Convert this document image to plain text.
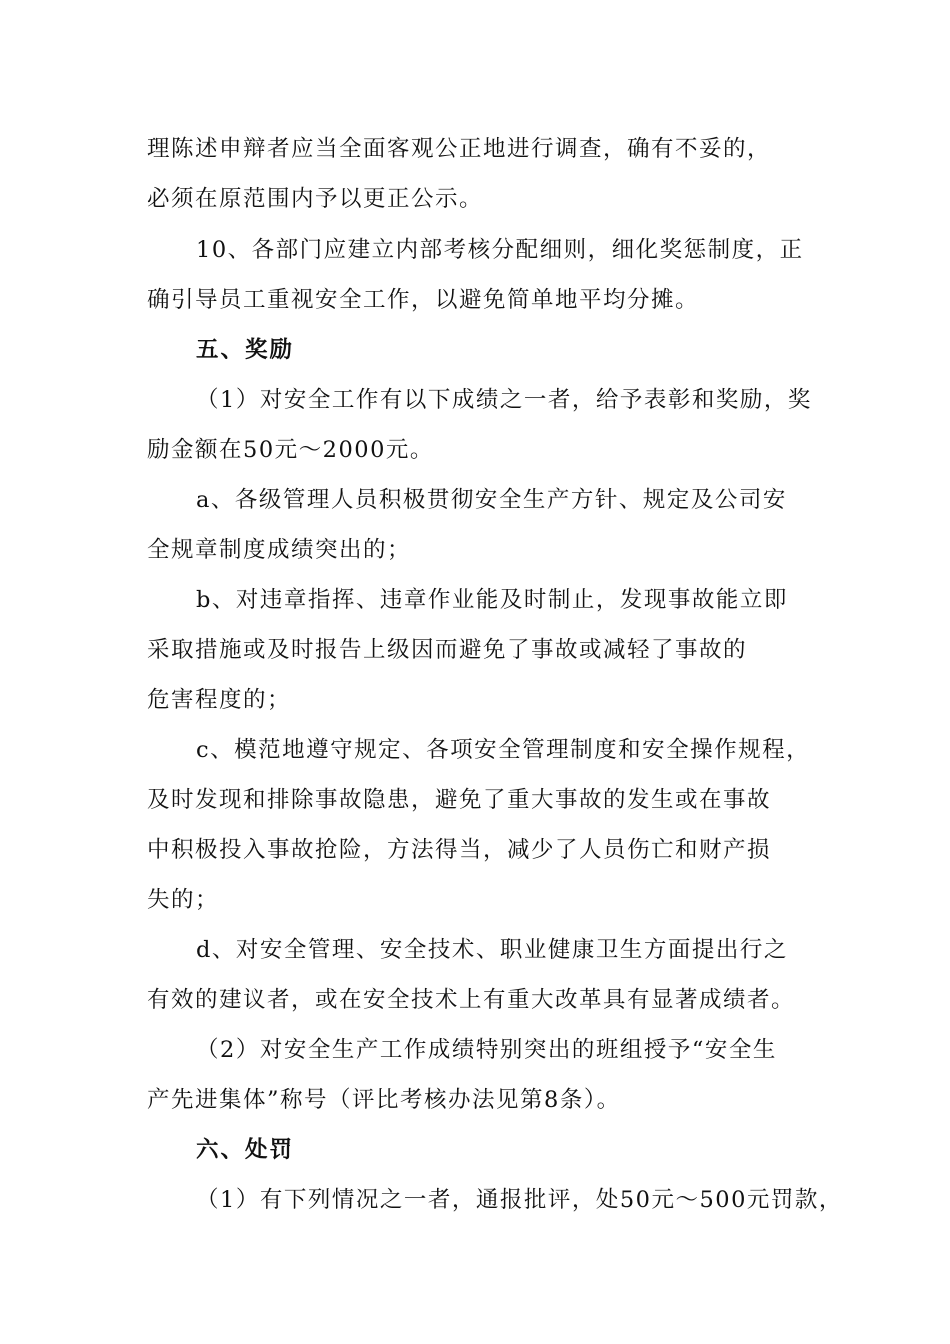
理陈述申辩者应当全面客观公正地进行调查，确有不妥的，
必须在原范围内予以更正公示。
10、各部门应建立内部考核分配细则，细化奖惩制度，正
确引导员工重视安全工作，以避免简单地平均分摊。
五、奖励
（1）对安全工作有以下成绩之一者，给予表彰和奖励，奖
励金额在50元～2000元。
a、各级管理人员积极贯彻安全生产方针、规定及公司安
全规章制度成绩突出的；
b、对违章指挥、违章作业能及时制止，发现事故能立即
采取措施或及时报告上级因而避免了事故或减轻了事故的
危害程度的；
c、模范地遵守规定、各项安全管理制度和安全操作规程，
及时发现和排除事故隐患，避免了重大事故的发生或在事故
中积极投入事故抢险，方法得当，减少了人员伤亡和财产损
失的；
d、对安全管理、安全技术、职业健康卫生方面提出行之
有效的建议者，或在安全技术上有重大改革具有显著成绩者。
（2）对安全生产工作成绩特别突出的班组授予“安全生
产先进集体”称号（评比考核办法见第8条）。
六、处罚
（1）有下列情况之一者，通报批评，处50元～500元罚款，
